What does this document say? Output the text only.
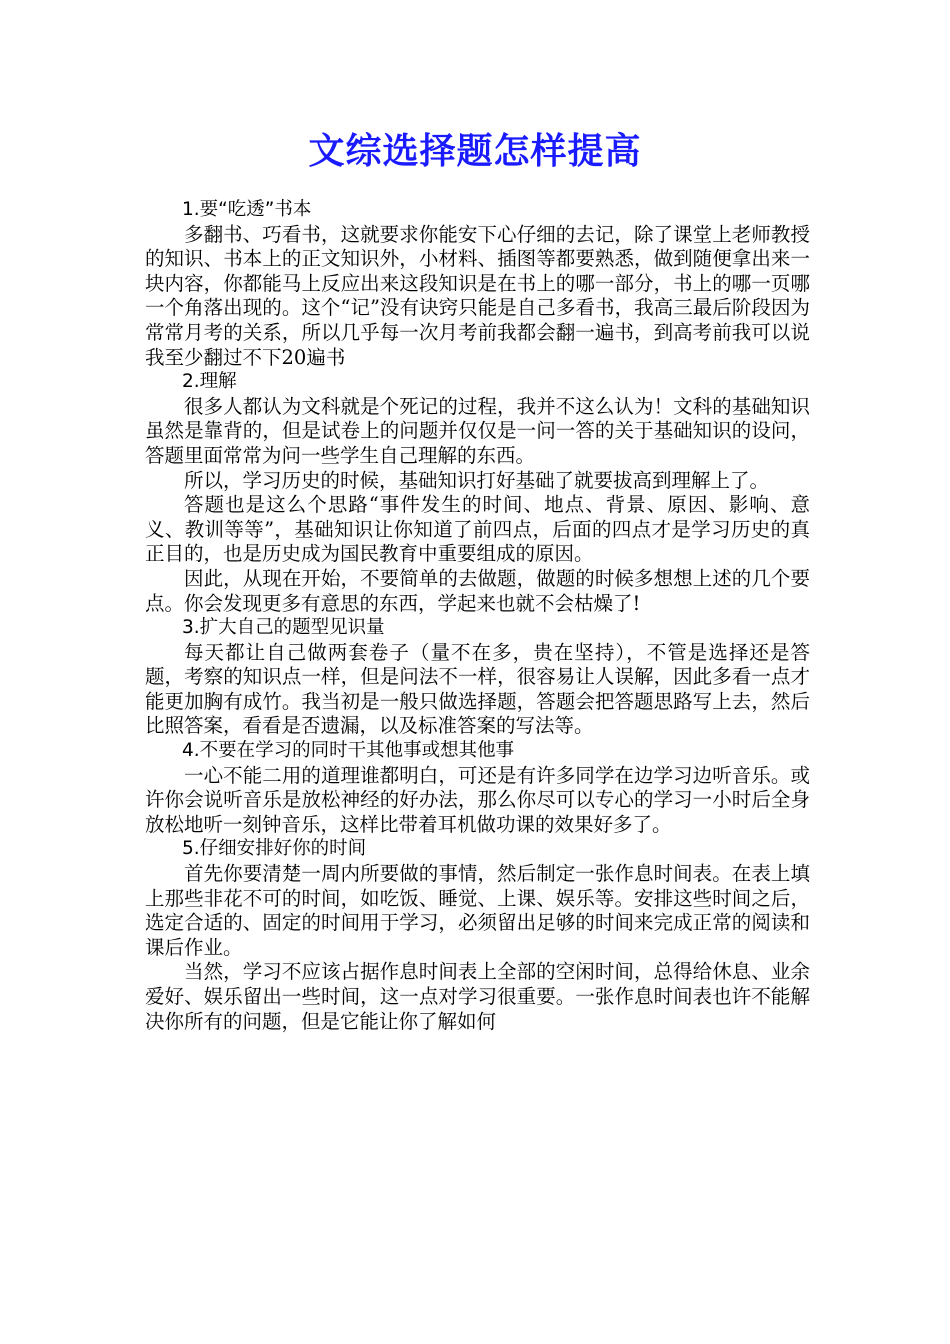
文综选择题怎样提高

1.要“吃透”书本

多翻书、巧看书，这就要求你能安下心仔细的去记，除了课堂上老师教授的知识、书本上的正文知识外，小材料、插图等都要熟悉，做到随便拿出来一块内容，你都能马上反应出来这段知识是在书上的哪一部分，书上的哪一页哪一个角落出现的。这个“记”没有诀窍只能是自己多看书，我高三最后阶段因为常常月考的关系，所以几乎每一次月考前我都会翻一遍书，到高考前我可以说我至少翻过不下20遍书

2.理解

很多人都认为文科就是个死记的过程，我并不这么认为！文科的基础知识虽然是靠背的，但是试卷上的问题并仅仅是一问一答的关于基础知识的设问，答题里面常常为问一些学生自己理解的东西。

所以，学习历史的时候，基础知识打好基础了就要拔高到理解上了。

答题也是这么个思路“事件发生的时间、地点、背景、原因、影响、意义、教训等等”，基础知识让你知道了前四点，后面的四点才是学习历史的真正目的，也是历史成为国民教育中重要组成的原因。

因此，从现在开始，不要简单的去做题，做题的时候多想想上述的几个要点。你会发现更多有意思的东西，学起来也就不会枯燥了!

3.扩大自己的题型见识量

每天都让自己做两套卷子（量不在多，贵在坚持），不管是选择还是答题，考察的知识点一样，但是问法不一样，很容易让人误解，因此多看一点才能更加胸有成竹。我当初是一般只做选择题，答题会把答题思路写上去，然后比照答案，看看是否遗漏，以及标准答案的写法等。

4.不要在学习的同时干其他事或想其他事

一心不能二用的道理谁都明白，可还是有许多同学在边学习边听音乐。或许你会说听音乐是放松神经的好办法，那么你尽可以专心的学习一小时后全身放松地听一刻钟音乐，这样比带着耳机做功课的效果好多了。

5.仔细安排好你的时间

首先你要清楚一周内所要做的事情，然后制定一张作息时间表。在表上填上那些非花不可的时间，如吃饭、睡觉、上课、娱乐等。安排这些时间之后，选定合适的、固定的时间用于学习，必须留出足够的时间来完成正常的阅读和课后作业。

当然，学习不应该占据作息时间表上全部的空闲时间，总得给休息、业余爱好、娱乐留出一些时间，这一点对学习很重要。一张作息时间表也许不能解决你所有的问题，但是它能让你了解如何
